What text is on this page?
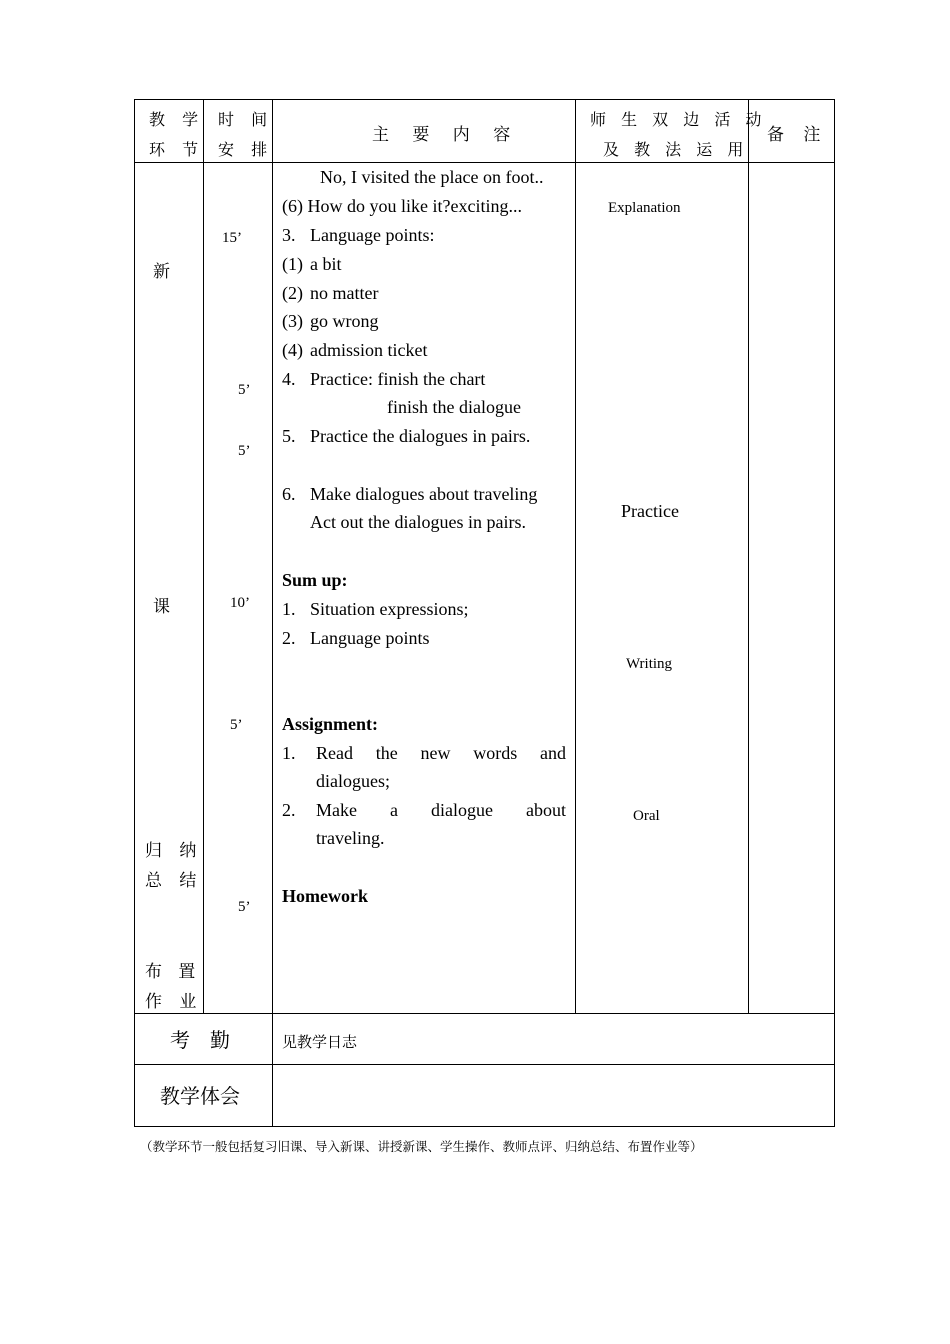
教 学
环 节
时 间
安 排
主 要 内 容
师 生 双 边 活 动
及 教 法 运 用
备 注
新
课
归 纳
总 结
布   置
作 业
15’
5’
5’
10’
5’
5’
No, I visited the place on foot..
(6) How do you like it?exciting...
3. Language points:
(1) a bit
(2) no matter
(3) go wrong
(4) admission ticket
4. Practice: finish the chart
finish the dialogue
5. Practice the dialogues in pairs.
6. Make dialogues about traveling
Act out the dialogues in pairs.
Sum up:
1. Situation expressions;
2. Language points
Assignment:
1. Read the new words and
dialogues;
2. Make a dialogue about
traveling.
Homework
Explanation
Practice
Writing
Oral
考　勤	见教学日志
教学体会
（教学环节一般包括复习旧课、导入新课、讲授新课、学生操作、教师点评、归纳总结、布置作业等）
